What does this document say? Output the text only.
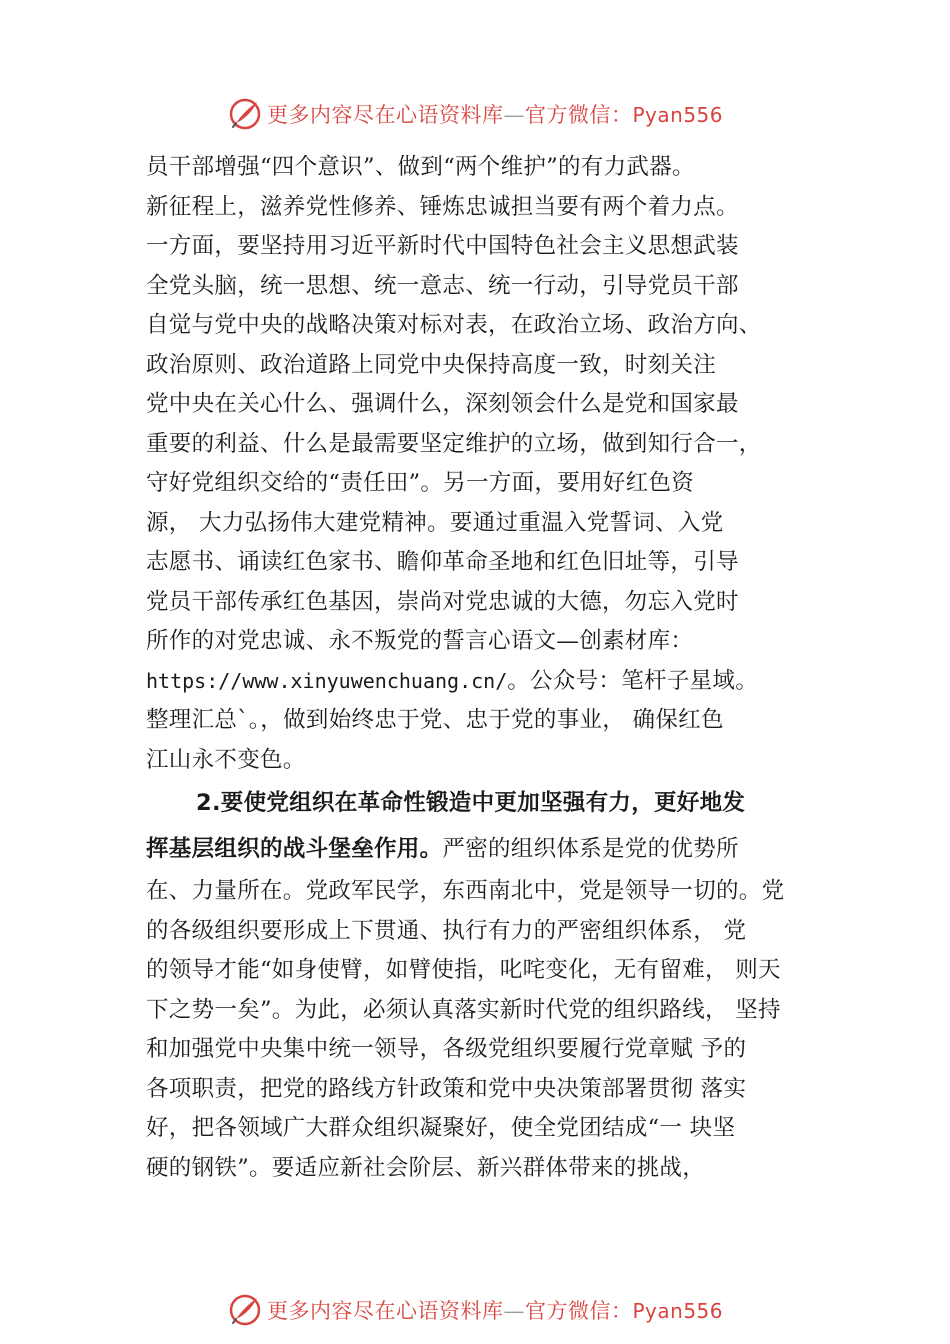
更多内容尽在心语资料库—官方微信：Pyan556
员干部增强“四个意识”、做到“两个维护”的有力武器。
新征程上，滋养党性修养、锤炼忠诚担当要有两个着力点。
一方面，要坚持用习近平新时代中国特色社会主义思想武装
全党头脑，统一思想、统一意志、统一行动，引导党员干部
自觉与党中央的战略决策对标对表，在政治立场、政治方向、
政治原则、政治道路上同党中央保持高度一致，时刻关注
党中央在关心什么、强调什么，深刻领会什么是党和国家最
重要的利益、什么是最需要坚定维护的立场，做到知行合一，
守好党组织交给的“责任田”。另一方面，要用好红色资
源， 大力弘扬伟大建党精神。要通过重温入党誓词、入党
志愿书、诵读红色家书、瞻仰革命圣地和红色旧址等，引导
党员干部传承红色基因，崇尚对党忠诚的大德，勿忘入党时
所作的对党忠诚、永不叛党的誓言心语文—创素材库：
https://www.xinyuwenchuang.cn/。公众号：笔杆子星域。
整理汇总`。，做到始终忠于党、忠于党的事业， 确保红色
江山永不变色。
2.要使党组织在革命性锻造中更加坚强有力，更好地发
挥基层组织的战斗堡垒作用。严密的组织体系是党的优势所
在、力量所在。党政军民学，东西南北中，党是领导一切的。党
的各级组织要形成上下贯通、执行有力的严密组织体系， 党
的领导才能“如身使臂，如臂使指，叱咤变化，无有留难， 则天
下之势一矣”。为此，必须认真落实新时代党的组织路线， 坚持
和加强党中央集中统一领导，各级党组织要履行党章赋 予的
各项职责，把党的路线方针政策和党中央决策部署贯彻 落实
好，把各领域广大群众组织凝聚好，使全党团结成“一 块坚
硬的钢铁”。要适应新社会阶层、新兴群体带来的挑战，
更多内容尽在心语资料库—官方微信：Pyan556
